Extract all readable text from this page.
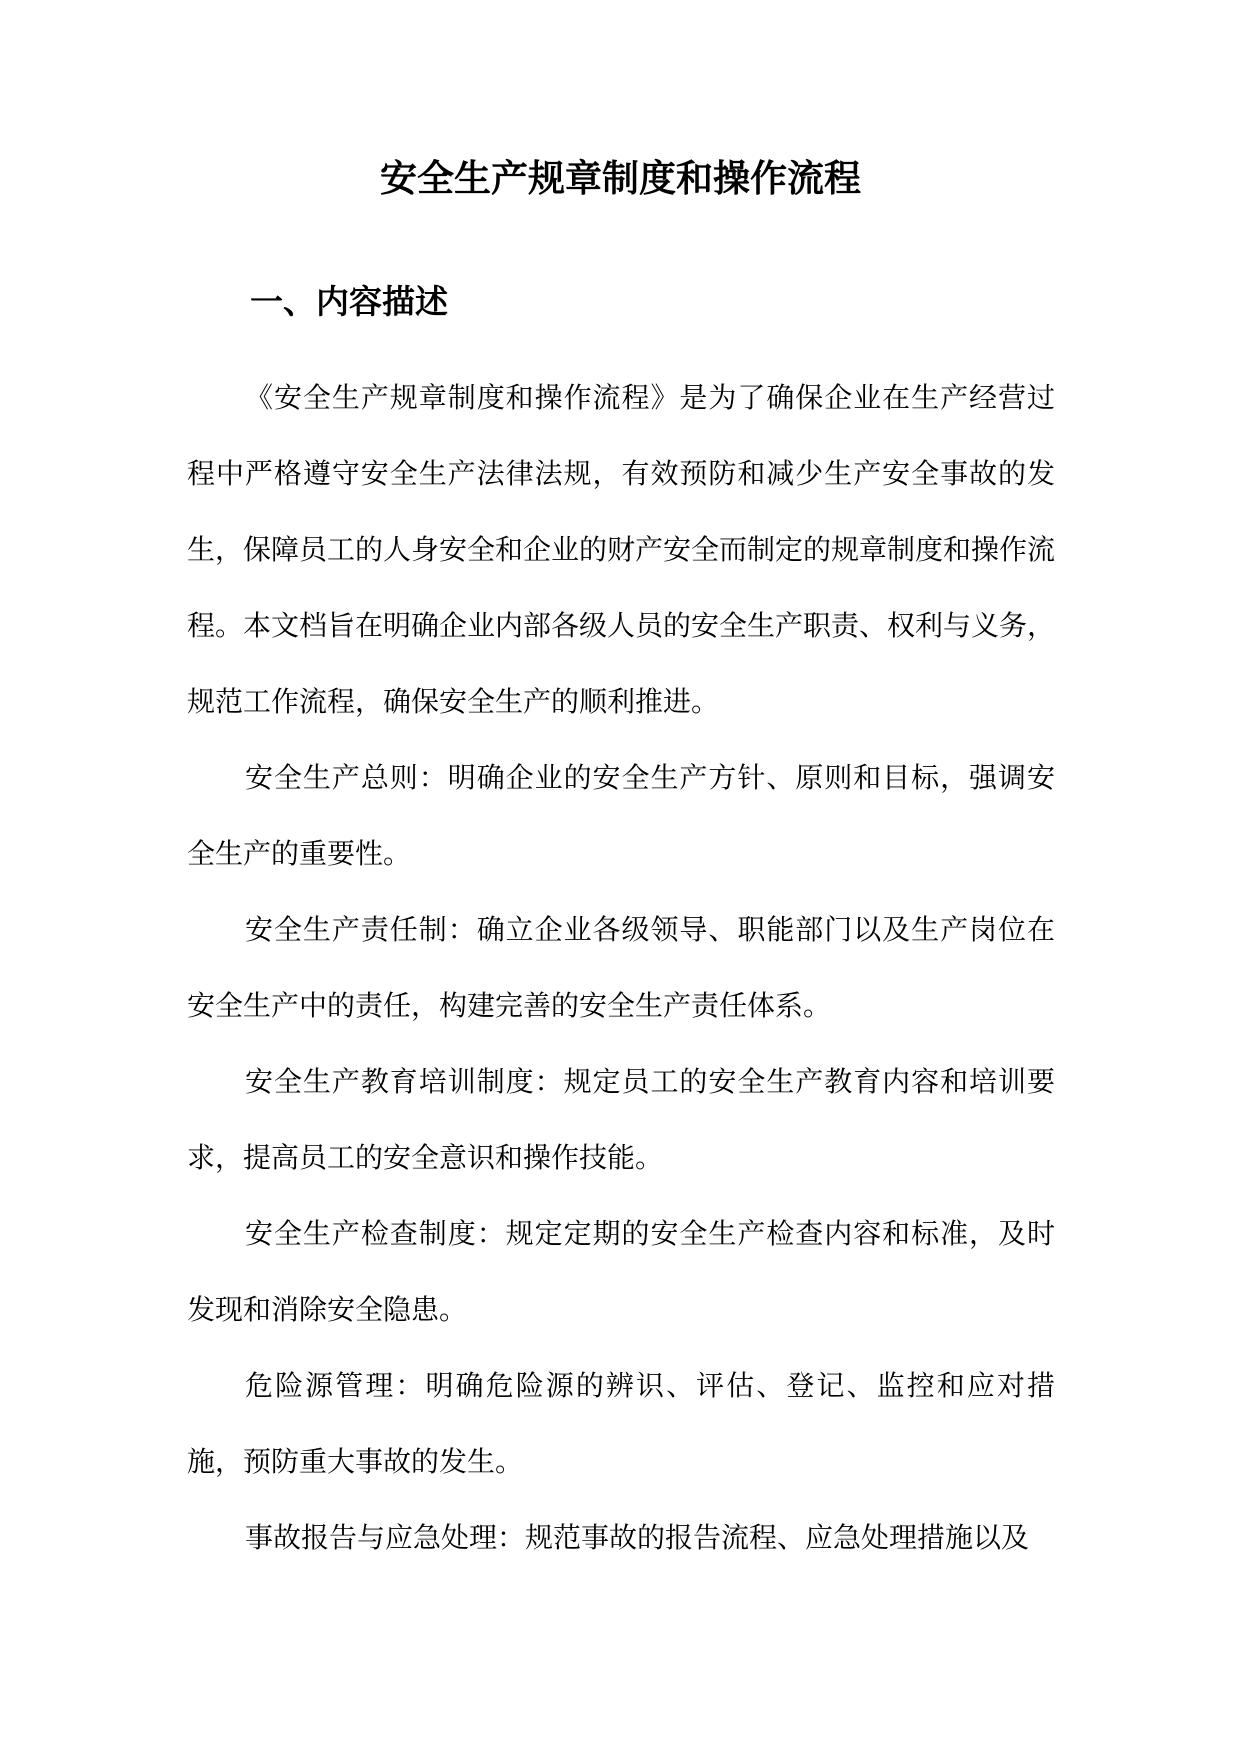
安全生产规章制度和操作流程
一、内容描述

《安全生产规章制度和操作流程》是为了确保企业在生产经营过程中严格遵守安全生产法律法规，有效预防和减少生产安全事故的发生，保障员工的人身安全和企业的财产安全而制定的规章制度和操作流程。本文档旨在明确企业内部各级人员的安全生产职责、权利与义务，规范工作流程，确保安全生产的顺利推进。

安全生产总则：明确企业的安全生产方针、原则和目标，强调安全生产的重要性。

安全生产责任制：确立企业各级领导、职能部门以及生产岗位在安全生产中的责任，构建完善的安全生产责任体系。

安全生产教育培训制度：规定员工的安全生产教育内容和培训要求，提高员工的安全意识和操作技能。

安全生产检查制度：规定定期的安全生产检查内容和标准，及时发现和消除安全隐患。

危险源管理：明确危险源的辨识、评估、登记、监控和应对措施，预防重大事故的发生。

事故报告与应急处理：规范事故的报告流程、应急处理措施以及
